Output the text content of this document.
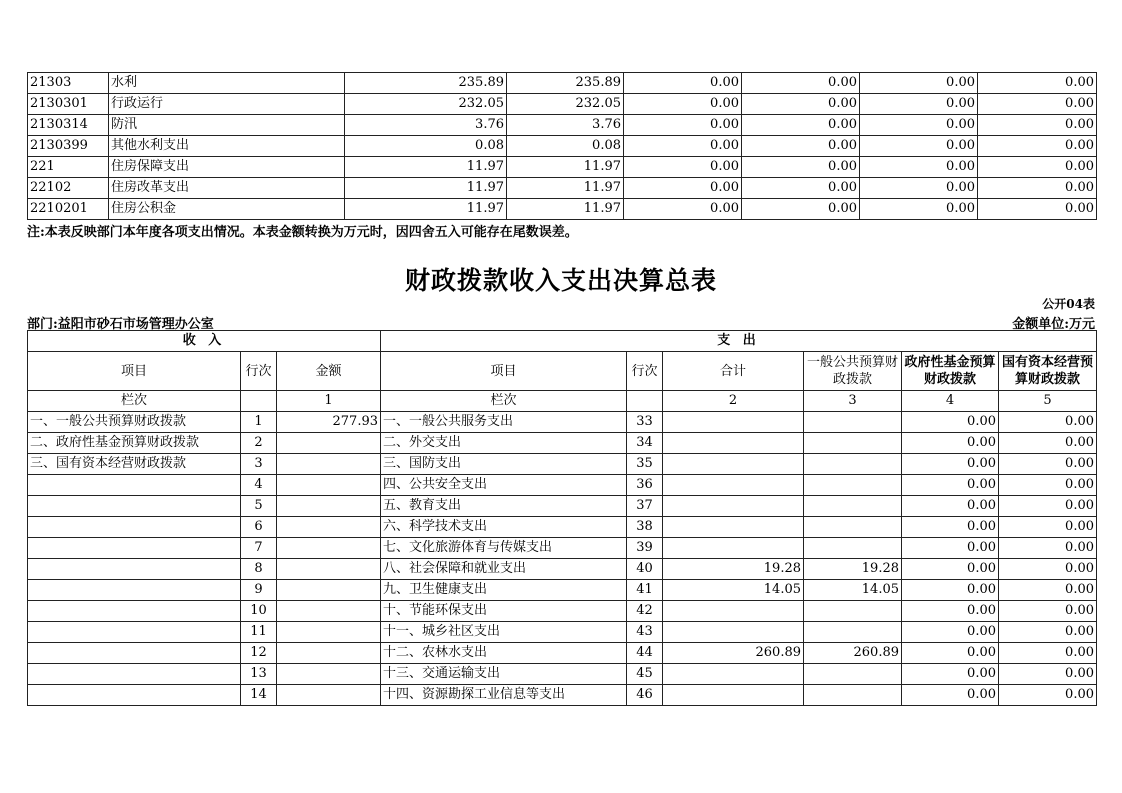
21303	水利	235.89	235.89	0.00	0.00	0.00	0.00
2130301	行政运行	232.05	232.05	0.00	0.00	0.00	0.00
2130314	防汛	3.76	3.76	0.00	0.00	0.00	0.00
2130399	其他水利支出	0.08	0.08	0.00	0.00	0.00	0.00
221	住房保障支出	11.97	11.97	0.00	0.00	0.00	0.00
22102	住房改革支出	11.97	11.97	0.00	0.00	0.00	0.00
2210201	住房公积金	11.97	11.97	0.00	0.00	0.00	0.00
注:本表反映部门本年度各项支出情况。本表金额转换为万元时，因四舍五入可能存在尾数误差。
财政拨款收入支出决算总表
公开04表
部门:益阳市砂石市场管理办公室	金额单位:万元
收 入			支 出					
项目	行次	金额	项目	行次	合计	一般公共预算财政拨款	政府性基金预算财政拨款	国有资本经营预算财政拨款
栏次		1	栏次		2	3	4	5
一、一般公共预算财政拨款	1	277.93	一、一般公共服务支出	33			0.00	0.00
二、政府性基金预算财政拨款	2		二、外交支出	34			0.00	0.00
三、国有资本经营财政拨款	3		三、国防支出	35			0.00	0.00
	4		四、公共安全支出	36			0.00	0.00
	5		五、教育支出	37			0.00	0.00
	6		六、科学技术支出	38			0.00	0.00
	7		七、文化旅游体育与传媒支出	39			0.00	0.00
	8		八、社会保障和就业支出	40	19.28	19.28	0.00	0.00
	9		九、卫生健康支出	41	14.05	14.05	0.00	0.00
	10		十、节能环保支出	42			0.00	0.00
	11		十一、城乡社区支出	43			0.00	0.00
	12		十二、农林水支出	44	260.89	260.89	0.00	0.00
	13		十三、交通运输支出	45			0.00	0.00
	14		十四、资源勘探工业信息等支出	46			0.00	0.00
